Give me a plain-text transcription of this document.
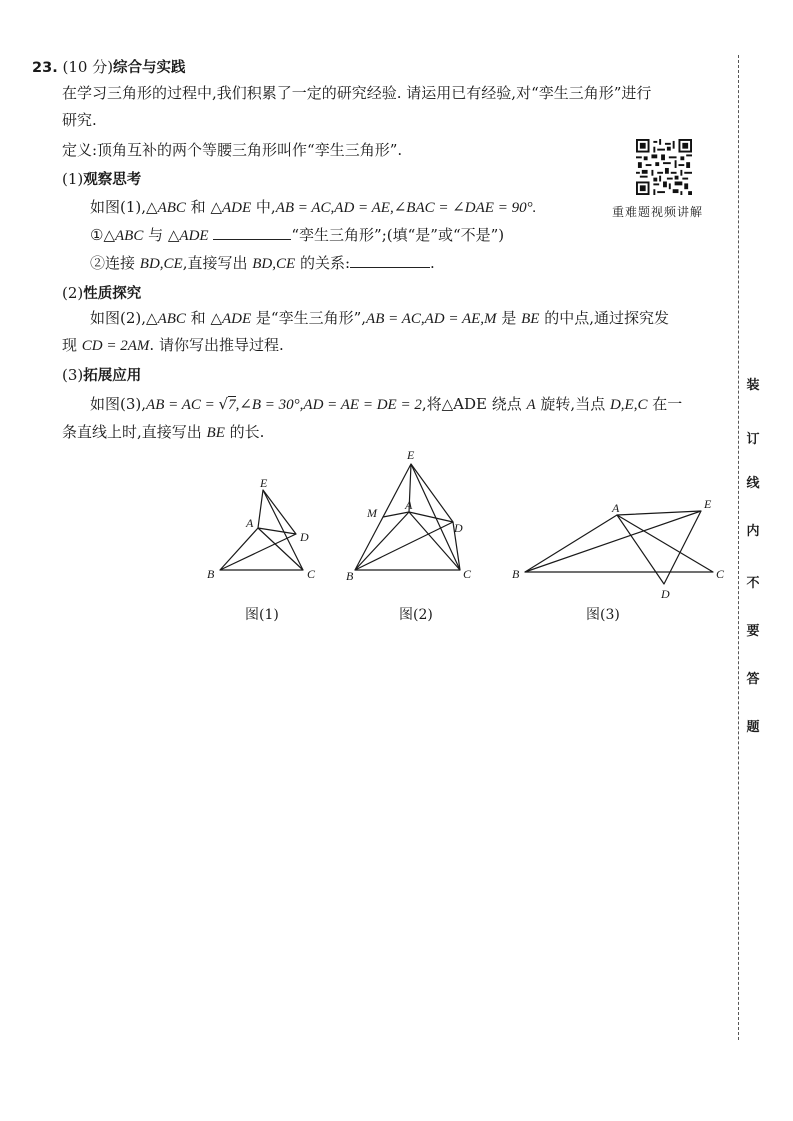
23. (10 分)综合与实践
在学习三角形的过程中,我们积累了一定的研究经验. 请运用已有经验,对“孪生三角形”进行
研究.
定义:顶角互补的两个等腰三角形叫作“孪生三角形”.
重难题视频讲解
(1)观察思考
如图(1),△ABC 和 △ADE 中,AB = AC,AD = AE,∠BAC = ∠DAE = 90°.
①△ABC 与 △ADE	“孪生三角形”;(填“是”或“不是”)
②连接 BD,CE,直接写出 BD,CE 的关系:	.
(2)性质探究
如图(2),△ABC 和 △ADE 是“孪生三角形”,AB = AC,AD = AE,M 是 BE 的中点,通过探究发
现 CD = 2AM. 请你写出推导过程.
(3)拓展应用
如图(3),AB = AC = √7,∠B = 30°,AD = AE = DE = 2,将△ADE 绕点 A 旋转,当点 D,E,C 在一
条直线上时,直接写出 BE 的长.
E
A
D
B	C
E
M
A
D
B	C
A	E
B	C
D
图(1)	图(2)	图(3)
装
订
线
内
不
要
答
题
